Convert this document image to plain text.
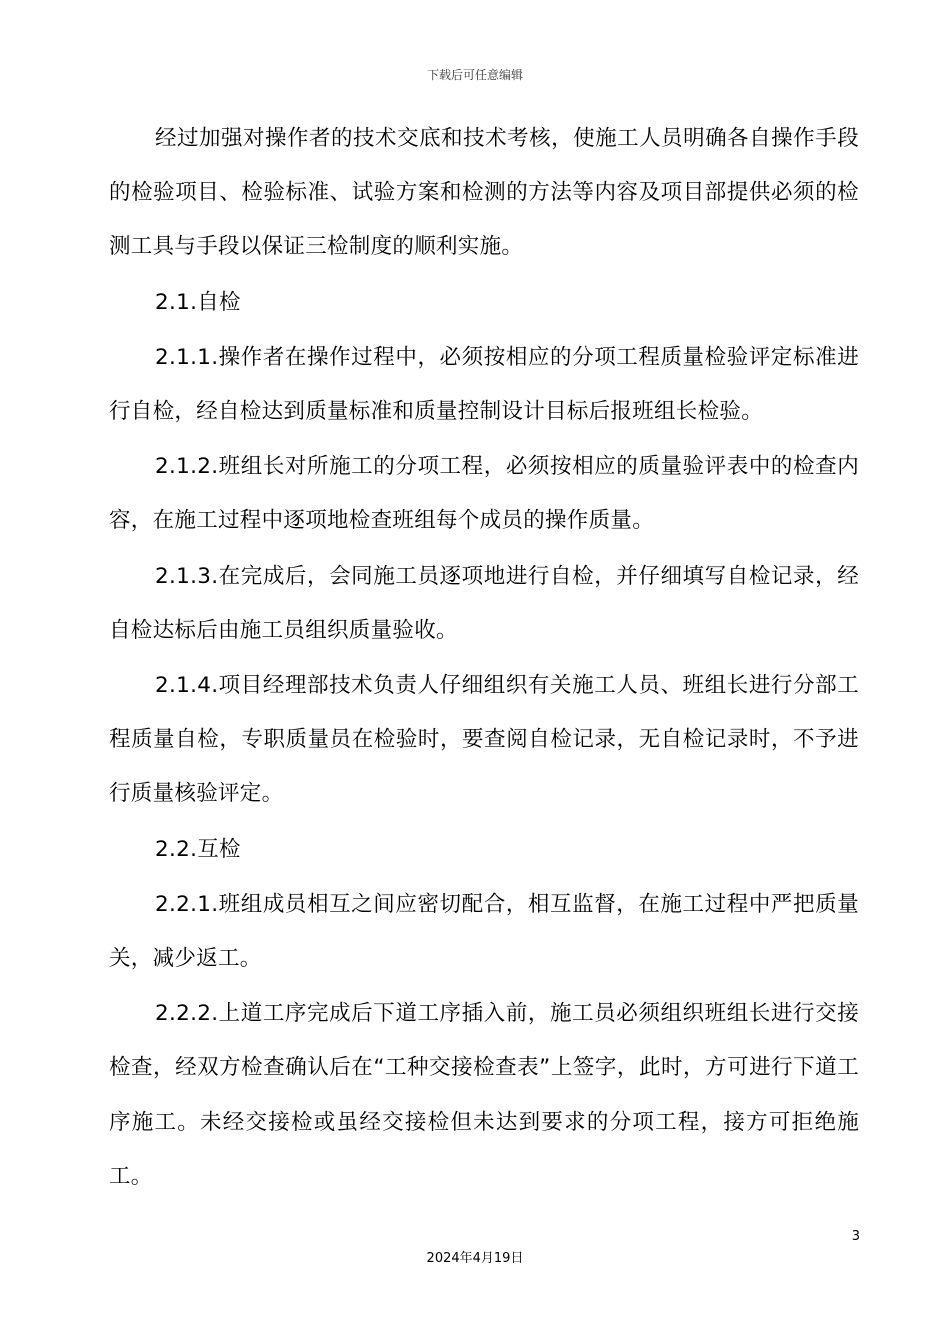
下载后可任意编辑

经过加强对操作者的技术交底和技术考核，使施工人员明确各自操作手段的检验项目、检验标准、试验方案和检测的方法等内容及项目部提供必须的检测工具与手段以保证三检制度的顺利实施。

2.1.自检

2.1.1.操作者在操作过程中，必须按相应的分项工程质量检验评定标准进行自检，经自检达到质量标准和质量控制设计目标后报班组长检验。

2.1.2.班组长对所施工的分项工程，必须按相应的质量验评表中的检查内容，在施工过程中逐项地检查班组每个成员的操作质量。

2.1.3.在完成后，会同施工员逐项地进行自检，并仔细填写自检记录，经自检达标后由施工员组织质量验收。

2.1.4.项目经理部技术负责人仔细组织有关施工人员、班组长进行分部工程质量自检，专职质量员在检验时，要查阅自检记录，无自检记录时，不予进行质量核验评定。

2.2.互检

2.2.1.班组成员相互之间应密切配合，相互监督，在施工过程中严把质量关，减少返工。

2.2.2.上道工序完成后下道工序插入前，施工员必须组织班组长进行交接检查，经双方检查确认后在“工种交接检查表”上签字，此时，方可进行下道工序施工。未经交接检或虽经交接检但未达到要求的分项工程，接方可拒绝施工。

3
2024年4月19日
